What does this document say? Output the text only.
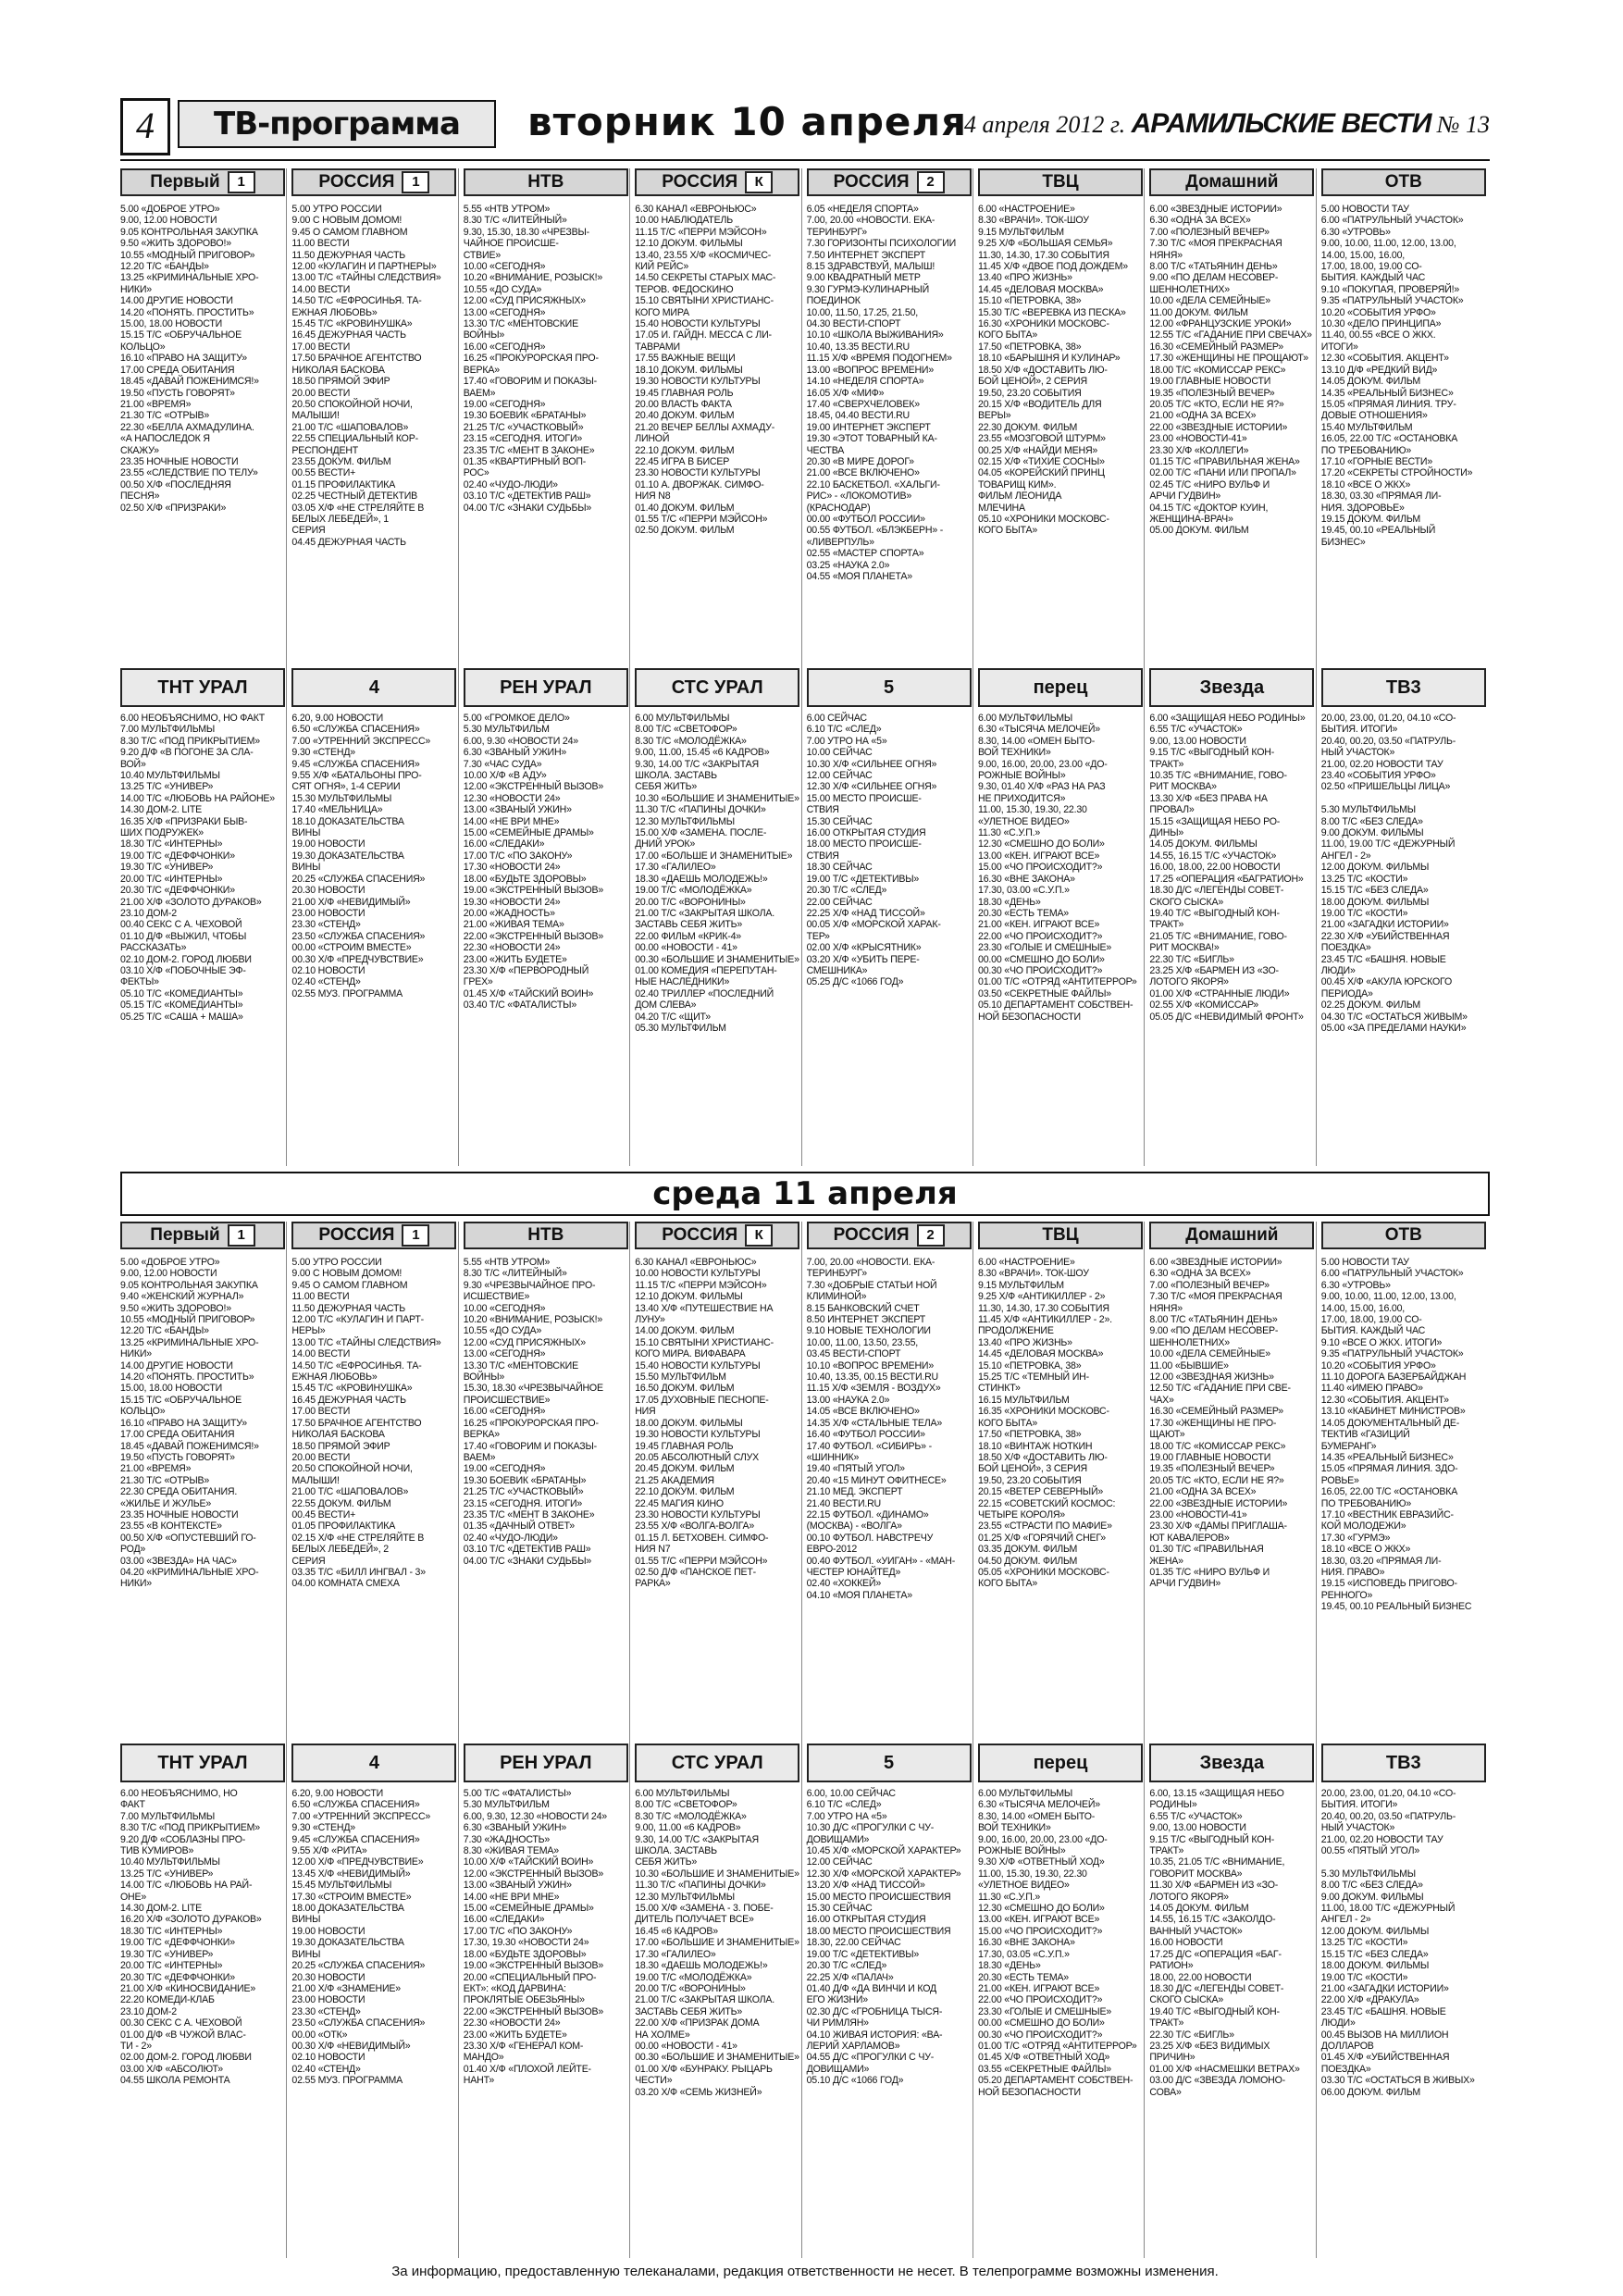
4	ТВ-программа	вторник 10 апреля
4 апреля 2012 г. АРАМИЛЬСКИЕ ВЕСТИ № 13
Первый	1
5.00 «ДОБРОЕ УТРО»
9.00, 12.00 НОВОСТИ
9.05 КОНТРОЛЬНАЯ ЗАКУПКА
9.50 «ЖИТЬ ЗДОРОВО!»
10.55 «МОДНЫЙ ПРИГОВОР»
12.20 Т/С «БАНДЫ»
13.25 «КРИМИНАЛЬНЫЕ ХРО-
НИКИ»
14.00 ДРУГИЕ НОВОСТИ
14.20 «ПОНЯТЬ. ПРОСТИТЬ»
15.00, 18.00 НОВОСТИ
15.15 Т/С «ОБРУЧАЛЬНОЕ
КОЛЬЦО»
16.10 «ПРАВО НА ЗАЩИТУ»
17.00 СРЕДА ОБИТАНИЯ
18.45 «ДАВАЙ ПОЖЕНИМСЯ!»
19.50 «ПУСТЬ ГОВОРЯТ»
21.00 «ВРЕМЯ»
21.30 Т/С «ОТРЫВ»
22.30 «БЕЛЛА АХМАДУЛИНА.
«А НАПОСЛЕДОК Я
СКАЖУ»
23.35 НОЧНЫЕ НОВОСТИ
23.55 «СЛЕДСТВИЕ ПО ТЕЛУ»
00.50 Х/Ф «ПОСЛЕДНЯЯ
ПЕСНЯ»
02.50 Х/Ф «ПРИЗРАКИ»
ТНТ УРАЛ
6.00 НЕОБЪЯСНИМО, НО ФАКТ
7.00 МУЛЬТФИЛЬМЫ
8.30 Т/С «ПОД ПРИКРЫТИЕМ»
9.20 Д/Ф «В ПОГОНЕ ЗА СЛА-
ВОЙ»
10.40 МУЛЬТФИЛЬМЫ
13.25 Т/С «УНИВЕР»
14.00 Т/С «ЛЮБОВЬ НА РАЙОНЕ»
14.30 ДОМ-2. LITE
16.35 Х/Ф «ПРИЗРАКИ БЫВ-
ШИХ ПОДРУЖЕК»
18.30 Т/С «ИНТЕРНЫ»
19.00 Т/С «ДЕФФЧОНКИ»
19.30 Т/С «УНИВЕР»
20.00 Т/С «ИНТЕРНЫ»
20.30 Т/С «ДЕФФЧОНКИ»
21.00 Х/Ф «ЗОЛОТО ДУРАКОВ»
23.10 ДОМ-2
00.40 СЕКС С А. ЧЕХОВОЙ
01.10 Д/Ф «ВЫЖИЛ, ЧТОБЫ
РАССКАЗАТЬ»
02.10 ДОМ-2. ГОРОД ЛЮБВИ
03.10 Х/Ф «ПОБОЧНЫЕ ЭФ-
ФЕКТЫ»
05.10 Т/С «КОМЕДИАНТЫ»
05.15 Т/С «КОМЕДИАНТЫ»
05.25 Т/С «САША + МАША»
РОССИЯ	1
5.00 УТРО РОССИИ
9.00 С НОВЫМ ДОМОМ!
9.45 О САМОМ ГЛАВНОМ
11.00 ВЕСТИ
11.50 ДЕЖУРНАЯ ЧАСТЬ
12.00 «КУЛАГИН И ПАРТНЕРЫ»
13.00 Т/С «ТАЙНЫ СЛЕДСТВИЯ»
14.00 ВЕСТИ
14.50 Т/С «ЕФРОСИНЬЯ. ТА-
ЕЖНАЯ ЛЮБОВЬ»
15.45 Т/С «КРОВИНУШКА»
16.45 ДЕЖУРНАЯ ЧАСТЬ
17.00 ВЕСТИ
17.50 БРАЧНОЕ АГЕНТСТВО
НИКОЛАЯ БАСКОВА
18.50 ПРЯМОЙ ЭФИР
20.00 ВЕСТИ
20.50 СПОКОЙНОЙ НОЧИ,
МАЛЫШИ!
21.00 Т/С «ШАПОВАЛОВ»
22.55 СПЕЦИАЛЬНЫЙ КОР-
РЕСПОНДЕНТ
23.55 ДОКУМ. ФИЛЬМ
00.55 ВЕСТИ+
01.15 ПРОФИЛАКТИКА
02.25 ЧЕСТНЫЙ ДЕТЕКТИВ
03.05 Х/Ф «НЕ СТРЕЛЯЙТЕ В
БЕЛЫХ ЛЕБЕДЕЙ», 1
СЕРИЯ
04.45 ДЕЖУРНАЯ ЧАСТЬ
4
6.20, 9.00 НОВОСТИ
6.50 «СЛУЖБА СПАСЕНИЯ»
7.00 «УТРЕННИЙ ЭКСПРЕСС»
9.30 «СТЕНД»
9.45 «СЛУЖБА СПАСЕНИЯ»
9.55 Х/Ф «БАТАЛЬОНЫ ПРО-
СЯТ ОГНЯ», 1-4 СЕРИИ
15.30 МУЛЬТФИЛЬМЫ
17.40 «МЕЛЬНИЦА»
18.10 ДОКАЗАТЕЛЬСТВА
ВИНЫ
19.00 НОВОСТИ
19.30 ДОКАЗАТЕЛЬСТВА
ВИНЫ
20.25 «СЛУЖБА СПАСЕНИЯ»
20.30 НОВОСТИ
21.00 Х/Ф «НЕВИДИМЫЙ»
23.00 НОВОСТИ
23.30 «СТЕНД»
23.50 «СЛУЖБА СПАСЕНИЯ»
00.00 «СТРОИМ ВМЕСТЕ»
00.30 Х/Ф «ПРЕДЧУВСТВИЕ»
02.10 НОВОСТИ
02.40 «СТЕНД»
02.55 МУЗ. ПРОГРАММА
НТВ
5.55 «НТВ УТРОМ»
8.30 Т/С «ЛИТЕЙНЫЙ»
9.30, 15.30, 18.30 «ЧРЕЗВЫ-
ЧАЙНОЕ ПРОИСШЕ-
СТВИЕ»
10.00 «СЕГОДНЯ»
10.20 «ВНИМАНИЕ, РОЗЫСК!»
10.55 «ДО СУДА»
12.00 «СУД ПРИСЯЖНЫХ»
13.00 «СЕГОДНЯ»
13.30 Т/С «МЕНТОВСКИЕ
ВОЙНЫ»
16.00 «СЕГОДНЯ»
16.25 «ПРОКУРОРСКАЯ ПРО-
ВЕРКА»
17.40 «ГОВОРИМ И ПОКАЗЫ-
ВАЕМ»
19.00 «СЕГОДНЯ»
19.30 БОЕВИК «БРАТАНЫ»
21.25 Т/С «УЧАСТКОВЫЙ»
23.15 «СЕГОДНЯ. ИТОГИ»
23.35 Т/С «МЕНТ В ЗАКОНЕ»
01.35 «КВАРТИРНЫЙ ВОП-
РОС»
02.40 «ЧУДО-ЛЮДИ»
03.10 Т/С «ДЕТЕКТИВ РАШ»
04.00 Т/С «ЗНАКИ СУДЬБЫ»
РЕН УРАЛ
5.00 «ГРОМКОЕ ДЕЛО»
5.30 МУЛЬТФИЛЬМ
6.00, 9.30 «НОВОСТИ 24»
6.30 «ЗВАНЫЙ УЖИН»
7.30 «ЧАС СУДА»
10.00 Х/Ф «В АДУ»
12.00 «ЭКСТРЕННЫЙ ВЫЗОВ»
12.30 «НОВОСТИ 24»
13.00 «ЗВАНЫЙ УЖИН»
14.00 «НЕ ВРИ МНЕ»
15.00 «СЕМЕЙНЫЕ ДРАМЫ»
16.00 «СЛЕДАКИ»
17.00 Т/С «ПО ЗАКОНУ»
17.30 «НОВОСТИ 24»
18.00 «БУДЬТЕ ЗДОРОВЫ»
19.00 «ЭКСТРЕННЫЙ ВЫЗОВ»
19.30 «НОВОСТИ 24»
20.00 «ЖАДНОСТЬ»
21.00 «ЖИВАЯ ТЕМА»
22.00 «ЭКСТРЕННЫЙ ВЫЗОВ»
22.30 «НОВОСТИ 24»
23.00 «ЖИТЬ БУДЕТЕ»
23.30 Х/Ф «ПЕРВОРОДНЫЙ
ГРЕХ»
01.45 Х/Ф «ТАЙСКИЙ ВОИН»
03.40 Т/С «ФАТАЛИСТЫ»
РОССИЯ	К
6.30 КАНАЛ «ЕВРОНЬЮС»
10.00 НАБЛЮДАТЕЛЬ
11.15 Т/С «ПЕРРИ МЭЙСОН»
12.10 ДОКУМ. ФИЛЬМЫ
13.40, 23.55 Х/Ф «КОСМИЧЕС-
КИЙ РЕЙС»
14.50 СЕКРЕТЫ СТАРЫХ МАС-
ТЕРОВ. ФЕДОСКИНО
15.10 СВЯТЫНИ ХРИСТИАНС-
КОГО МИРА
15.40 НОВОСТИ КУЛЬТУРЫ
17.05 И. ГАЙДН. МЕССА С ЛИ-
ТАВРАМИ
17.55 ВАЖНЫЕ ВЕЩИ
18.10 ДОКУМ. ФИЛЬМЫ
19.30 НОВОСТИ КУЛЬТУРЫ
19.45 ГЛАВНАЯ РОЛЬ
20.00 ВЛАСТЬ ФАКТА
20.40 ДОКУМ. ФИЛЬМ
21.20 ВЕЧЕР БЕЛЛЫ АХМАДУ-
ЛИНОЙ
22.10 ДОКУМ. ФИЛЬМ
22.45 ИГРА В БИСЕР
23.30 НОВОСТИ КУЛЬТУРЫ
01.10 А. ДВОРЖАК. СИМФО-
НИЯ N8
01.40 ДОКУМ. ФИЛЬМ
01.55 Т/С «ПЕРРИ МЭЙСОН»
02.50 ДОКУМ. ФИЛЬМ
СТС УРАЛ
6.00 МУЛЬТФИЛЬМЫ
8.00 Т/С «СВЕТОФОР»
8.30 Т/С «МОЛОДЁЖКА»
9.00, 11.00, 15.45 «6 КАДРОВ»
9.30, 14.00 Т/С «ЗАКРЫТАЯ
ШКОЛА. ЗАСТАВЬ
СЕБЯ ЖИТЬ»
10.30 «БОЛЬШИЕ И ЗНАМЕНИТЫЕ»
11.30 Т/С «ПАПИНЫ ДОЧКИ»
12.30 МУЛЬТФИЛЬМЫ
15.00 Х/Ф «ЗАМЕНА. ПОСЛЕ-
ДНИЙ УРОК»
17.00 «БОЛЬШЕ И ЗНАМЕНИТЫЕ»
17.30 «ГАЛИЛЕО»
18.30 «ДАЕШЬ МОЛОДЕЖЬ!»
19.00 Т/С «МОЛОДЁЖКА»
20.00 Т/С «ВОРОНИНЫ»
21.00 Т/С «ЗАКРЫТАЯ ШКОЛА.
ЗАСТАВЬ СЕБЯ ЖИТЬ»
22.00 ФИЛЬМ «КРИК-4»
00.00 «НОВОСТИ - 41»
00.30 «БОЛЬШИЕ И ЗНАМЕНИТЫЕ»
01.00 КОМЕДИЯ «ПЕРЕПУТАН-
НЫЕ НАСЛЕДНИКИ»
02.40 ТРИЛЛЕР «ПОСЛЕДНИЙ
ДОМ СЛЕВА»
04.20 Т/С «ЩИТ»
05.30 МУЛЬТФИЛЬМ
РОССИЯ	2
6.05 «НЕДЕЛЯ СПОРТА»
7.00, 20.00 «НОВОСТИ. ЕКА-
ТЕРИНБУРГ»
7.30 ГОРИЗОНТЫ ПСИХОЛОГИИ
7.50 ИНТЕРНЕТ ЭКСПЕРТ
8.15 ЗДРАВСТВУЙ, МАЛЫШ!
9.00 КВАДРАТНЫЙ МЕТР
9.30 ГУРМЭ-КУЛИНАРНЫЙ
ПОЕДИНОК
10.00, 11.50, 17.25, 21.50,
04.30 ВЕСТИ-СПОРТ
10.10 «ШКОЛА ВЫЖИВАНИЯ»
10.40, 13.35 ВЕСТИ.RU
11.15 Х/Ф «ВРЕМЯ ПОДОГНЕМ»
13.00 «ВОПРОС ВРЕМЕНИ»
14.10 «НЕДЕЛЯ СПОРТА»
16.05 Х/Ф «МИФ»
17.40 «СВЕРХЧЕЛОВЕК»
18.45, 04.40 ВЕСТИ.RU
19.00 ИНТЕРНЕТ ЭКСПЕРТ
19.30 «ЭТОТ ТОВАРНЫЙ КА-
ЧЕСТВА
20.30 «В МИРЕ ДОРОГ»
21.00 «ВСЕ ВКЛЮЧЕНО»
22.10 БАСКЕТБОЛ. «ХАЛЬГИ-
РИС» - «ЛОКОМОТИВ»
(КРАСНОДАР)
00.00 «ФУТБОЛ РОССИИ»
00.55 ФУТБОЛ. «БЛЭКБЕРН» -
«ЛИВЕРПУЛЬ»
02.55 «МАСТЕР СПОРТА»
03.25 «НАУКА 2.0»
04.55 «МОЯ ПЛАНЕТА»
5
6.00 СЕЙЧАС
6.10 Т/С «СЛЕД»
7.00 УТРО НА «5»
10.00 СЕЙЧАС
10.30 Х/Ф «СИЛЬНЕЕ ОГНЯ»
12.00 СЕЙЧАС
12.30 Х/Ф «СИЛЬНЕЕ ОГНЯ»
15.00 МЕСТО ПРОИСШЕ-
СТВИЯ
15.30 СЕЙЧАС
16.00 ОТКРЫТАЯ СТУДИЯ
18.00 МЕСТО ПРОИСШЕ-
СТВИЯ
18.30 СЕЙЧАС
19.00 Т/С «ДЕТЕКТИВЫ»
20.30 Т/С «СЛЕД»
22.00 СЕЙЧАС
22.25 Х/Ф «НАД ТИССОЙ»
00.05 Х/Ф «МОРСКОЙ ХАРАК-
ТЕР»
02.00 Х/Ф «КРЫСЯТНИК»
03.20 Х/Ф «УБИТЬ ПЕРЕ-
СМЕШНИКА»
05.25 Д/С «1066 ГОД»
ТВЦ
6.00 «НАСТРОЕНИЕ»
8.30 «ВРАЧИ». ТОК-ШОУ
9.15 МУЛЬТФИЛЬМ
9.25 Х/Ф «БОЛЬШАЯ СЕМЬЯ»
11.30, 14.30, 17.30 СОБЫТИЯ
11.45 Х/Ф «ДВОЕ ПОД ДОЖДЕМ»
13.40 «ПРО ЖИЗНЬ»
14.45 «ДЕЛОВАЯ МОСКВА»
15.10 «ПЕТРОВКА, 38»
15.30 Т/С «ВЕРЕВКА ИЗ ПЕСКА»
16.30 «ХРОНИКИ МОСКОВС-
КОГО БЫТА»
17.50 «ПЕТРОВКА, 38»
18.10 «БАРЫШНЯ И КУЛИНАР»
18.50 Х/Ф «ДОСТАВИТЬ ЛЮ-
БОЙ ЦЕНОЙ», 2 СЕРИЯ
19.50, 23.20 СОБЫТИЯ
20.15 Х/Ф «ВОДИТЕЛЬ ДЛЯ
ВЕРЫ»
22.30 ДОКУМ. ФИЛЬМ
23.55 «МОЗГОВОЙ ШТУРМ»
00.25 Х/Ф «НАЙДИ МЕНЯ»
02.15 Х/Ф «ТИХИЕ СОСНЫ»
04.05 «КОРЕЙСКИЙ ПРИНЦ
ТОВАРИЩ КИМ».
ФИЛЬМ ЛЕОНИДА
МЛЕЧИНА
05.10 «ХРОНИКИ МОСКОВС-
КОГО БЫТА»
перец
6.00 МУЛЬТФИЛЬМЫ
6.30 «ТЫСЯЧА МЕЛОЧЕЙ»
8.30, 14.00 «ОМЕН БЫТО-
ВОЙ ТЕХНИКИ»
9.00, 16.00, 20.00, 23.00 «ДО-
РОЖНЫЕ ВОЙНЫ»
9.30, 01.40 Х/Ф «РАЗ НА РАЗ
НЕ ПРИХОДИТСЯ»
11.00, 15.30, 19.30, 22.30
«УЛЕТНОЕ ВИДЕО»
11.30 «С.У.П.»
12.30 «СМЕШНО ДО БОЛИ»
13.00 «КЕН. ИГРАЮТ ВСЕ»
15.00 «ЧО ПРОИСХОДИТ?»
16.30 «ВНЕ ЗАКОНА»
17.30, 03.00 «С.У.П.»
18.30 «ДЕНЬ»
20.30 «ЕСТЬ ТЕМА»
21.00 «КЕН. ИГРАЮТ ВСЕ»
22.00 «ЧО ПРОИСХОДИТ?»
23.30 «ГОЛЫЕ И СМЕШНЫЕ»
00.00 «СМЕШНО ДО БОЛИ»
00.30 «ЧО ПРОИСХОДИТ?»
01.00 Т/С «ОТРЯД «АНТИТЕРРОР»
03.50 «СЕКРЕТНЫЕ ФАЙЛЫ»
05.10 ДЕПАРТАМЕНТ СОБСТВЕН-
НОЙ БЕЗОПАСНОСТИ
Домашний
6.00 «ЗВЕЗДНЫЕ ИСТОРИИ»
6.30 «ОДНА ЗА ВСЕХ»
7.00 «ПОЛЕЗНЫЙ ВЕЧЕР»
7.30 Т/С «МОЯ ПРЕКРАСНАЯ
НЯНЯ»
8.00 Т/С «ТАТЬЯНИН ДЕНЬ»
9.00 «ПО ДЕЛАМ НЕСОВЕР-
ШЕННОЛЕТНИХ»
10.00 «ДЕЛА СЕМЕЙНЫЕ»
11.00 ДОКУМ. ФИЛЬМ
12.00 «ФРАНЦУЗСКИЕ УРОКИ»
12.55 Т/С «ГАДАНИЕ ПРИ СВЕЧАХ»
16.30 «СЕМЕЙНЫЙ РАЗМЕР»
17.30 «ЖЕНЩИНЫ НЕ ПРОЩАЮТ»
18.00 Т/С «КОМИССАР РЕКС»
19.00 ГЛАВНЫЕ НОВОСТИ
19.35 «ПОЛЕЗНЫЙ ВЕЧЕР»
20.05 Т/С «КТО, ЕСЛИ НЕ Я?»
21.00 «ОДНА ЗА ВСЕХ»
22.00 «ЗВЕЗДНЫЕ ИСТОРИИ»
23.00 «НОВОСТИ-41»
23.30 Х/Ф «КОЛЛЕГИ»
01.15 Т/С «ПРАВИЛЬНАЯ ЖЕНА»
02.00 Т/С «ПАНИ ИЛИ ПРОПАЛ»
02.45 Т/С «НИРО ВУЛЬФ И
АРЧИ ГУДВИН»
04.15 Т/С «ДОКТОР КУИН,
ЖЕНЩИНА-ВРАЧ»
05.00 ДОКУМ. ФИЛЬМ
Звезда
6.00 «ЗАЩИЩАЯ НЕБО РОДИНЫ»
6.55 Т/С «УЧАСТОК»
9.00, 13.00 НОВОСТИ
9.15 Т/С «ВЫГОДНЫЙ КОН-
ТРАКТ»
10.35 Т/С «ВНИМАНИЕ, ГОВО-
РИТ МОСКВА»
13.30 Х/Ф «БЕЗ ПРАВА НА
ПРОВАЛ»
15.15 «ЗАЩИЩАЯ НЕБО РО-
ДИНЫ»
14.05 ДОКУМ. ФИЛЬМЫ
14.55, 16.15 Т/С «УЧАСТОК»
16.00, 18.00, 22.00 НОВОСТИ
17.25 «ОПЕРАЦИЯ «БАГРАТИОН»
18.30 Д/С «ЛЕГЕНДЫ СОВЕТ-
СКОГО СЫСКА»
19.40 Т/С «ВЫГОДНЫЙ КОН-
ТРАКТ»
21.05 Т/С «ВНИМАНИЕ, ГОВО-
РИТ МОСКВА!»
22.30 Т/С «БИГЛЬ»
23.25 Х/Ф «БАРМЕН ИЗ «ЗО-
ЛОТОГО ЯКОРЯ»
01.00 Х/Ф «СТРАННЫЕ ЛЮДИ»
02.55 Х/Ф «КОМИССАР»
05.05 Д/С «НЕВИДИМЫЙ ФРОНТ»
ОТВ
5.00 НОВОСТИ ТАУ
6.00 «ПАТРУЛЬНЫЙ УЧАСТОК»
6.30 «УТРОВЬ»
9.00, 10.00, 11.00, 12.00, 13.00,
14.00, 15.00, 16.00,
17.00, 18.00, 19.00 СО-
БЫТИЯ. КАЖДЫЙ ЧАС
9.10 «ПОКУПАЯ, ПРОВЕРЯЙ!»
9.35 «ПАТРУЛЬНЫЙ УЧАСТОК»
10.20 «СОБЫТИЯ УРФО»
10.30 «ДЕЛО ПРИНЦИПА»
11.40, 00.55 «ВСЕ О ЖКХ.
ИТОГИ»
12.30 «СОБЫТИЯ. АКЦЕНТ»
13.10 Д/Ф «РЕДКИЙ ВИД»
14.05 ДОКУМ. ФИЛЬМ
14.35 «РЕАЛЬНЫЙ БИЗНЕС»
15.05 «ПРЯМАЯ ЛИНИЯ. ТРУ-
ДОВЫЕ ОТНОШЕНИЯ»
15.40 МУЛЬТФИЛЬМ
16.05, 22.00 Т/С «ОСТАНОВКА
ПО ТРЕБОВАНИЮ»
17.10 «ГОРНЫЕ ВЕСТИ»
17.20 «СЕКРЕТЫ СТРОЙНОСТИ»
18.10 «ВСЕ О ЖКХ»
18.30, 03.30 «ПРЯМАЯ ЛИ-
НИЯ. ЗДОРОВЬЕ»
19.15 ДОКУМ. ФИЛЬМ
19.45, 00.10 «РЕАЛЬНЫЙ
БИЗНЕС»
ТВ3
20.00, 23.00, 01.20, 04.10 «СО-
БЫТИЯ. ИТОГИ»
20.40, 00.20, 03.50 «ПАТРУЛЬ-
НЫЙ УЧАСТОК»
21.00, 02.20 НОВОСТИ ТАУ
23.40 «СОБЫТИЯ УРФО»
02.50 «ПРИШЕЛЬЦЫ ЛИЦА»

5.30 МУЛЬТФИЛЬМЫ
8.00 Т/С «БЕЗ СЛЕДА»
9.00 ДОКУМ. ФИЛЬМЫ
11.00, 19.00 Т/С «ДЕЖУРНЫЙ
АНГЕЛ - 2»
12.00 ДОКУМ. ФИЛЬМЫ
13.25 Т/С «КОСТИ»
15.15 Т/С «БЕЗ СЛЕДА»
18.00 ДОКУМ. ФИЛЬМЫ
19.00 Т/С «КОСТИ»
21.00 «ЗАГАДКИ ИСТОРИИ»
22.30 Х/Ф «УБИЙСТВЕННАЯ
ПОЕЗДКА»
23.45 Т/С «БАШНЯ. НОВЫЕ
ЛЮДИ»
00.45 Х/Ф «АКУЛА ЮРСКОГО
ПЕРИОДА»
02.25 ДОКУМ. ФИЛЬМ
04.30 Т/С «ОСТАТЬСЯ ЖИВЫМ»
05.00 «ЗА ПРЕДЕЛАМИ НАУКИ»
среда 11 апреля
Первый	1
5.00 «ДОБРОЕ УТРО»
9.00, 12.00 НОВОСТИ
9.05 КОНТРОЛЬНАЯ ЗАКУПКА
9.40 «ЖЕНСКИЙ ЖУРНАЛ»
9.50 «ЖИТЬ ЗДОРОВО!»
10.55 «МОДНЫЙ ПРИГОВОР»
12.20 Т/С «БАНДЫ»
13.25 «КРИМИНАЛЬНЫЕ ХРО-
НИКИ»
14.00 ДРУГИЕ НОВОСТИ
14.20 «ПОНЯТЬ. ПРОСТИТЬ»
15.00, 18.00 НОВОСТИ
15.15 Т/С «ОБРУЧАЛЬНОЕ
КОЛЬЦО»
16.10 «ПРАВО НА ЗАЩИТУ»
17.00 СРЕДА ОБИТАНИЯ
18.45 «ДАВАЙ ПОЖЕНИМСЯ!»
19.50 «ПУСТЬ ГОВОРЯТ»
21.00 «ВРЕМЯ»
21.30 Т/С «ОТРЫВ»
22.30 СРЕДА ОБИТАНИЯ.
«ЖИЛЬЕ И ЖУЛЬЕ»
23.35 НОЧНЫЕ НОВОСТИ
23.55 «В КОНТЕКСТЕ»
00.50 Х/Ф «ОПУСТЕВШИЙ ГО-
РОД»
03.00 «ЗВЕЗДА» НА ЧАС»
04.20 «КРИМИНАЛЬНЫЕ ХРО-
НИКИ»
ТНТ УРАЛ
6.00 НЕОБЪЯСНИМО, НО
ФАКТ
7.00 МУЛЬТФИЛЬМЫ
8.30 Т/С «ПОД ПРИКРЫТИЕМ»
9.20 Д/Ф «СОБЛАЗНЫ ПРО-
ТИВ КУМИРОВ»
10.40 МУЛЬТФИЛЬМЫ
13.25 Т/С «УНИВЕР»
14.00 Т/С «ЛЮБОВЬ НА РАЙ-
ОНЕ»
14.30 ДОМ-2. LITE
16.20 Х/Ф «ЗОЛОТО ДУРАКОВ»
18.30 Т/С «ИНТЕРНЫ»
19.00 Т/С «ДЕФФЧОНКИ»
19.30 Т/С «УНИВЕР»
20.00 Т/С «ИНТЕРНЫ»
20.30 Т/С «ДЕФФЧОНКИ»
21.00 Х/Ф «КИНОСВИДАНИЕ»
22.20 КОМЕДИ-КЛАБ
23.10 ДОМ-2
00.30 СЕКС С А. ЧЕХОВОЙ
01.00 Д/Ф «В ЧУЖОЙ ВЛАС-
ТИ - 2»
02.00 ДОМ-2. ГОРОД ЛЮБВИ
03.00 Х/Ф «АБСОЛЮТ»
04.55 ШКОЛА РЕМОНТА
РОССИЯ	1
5.00 УТРО РОССИИ
9.00 С НОВЫМ ДОМОМ!
9.45 О САМОМ ГЛАВНОМ
11.00 ВЕСТИ
11.50 ДЕЖУРНАЯ ЧАСТЬ
12.00 Т/С «КУЛАГИН И ПАРТ-
НЕРЫ»
13.00 Т/С «ТАЙНЫ СЛЕДСТВИЯ»
14.00 ВЕСТИ
14.50 Т/С «ЕФРОСИНЬЯ. ТА-
ЕЖНАЯ ЛЮБОВЬ»
15.45 Т/С «КРОВИНУШКА»
16.45 ДЕЖУРНАЯ ЧАСТЬ
17.00 ВЕСТИ
17.50 БРАЧНОЕ АГЕНТСТВО
НИКОЛАЯ БАСКОВА
18.50 ПРЯМОЙ ЭФИР
20.00 ВЕСТИ
20.50 СПОКОЙНОЙ НОЧИ,
МАЛЫШИ!
21.00 Т/С «ШАПОВАЛОВ»
22.55 ДОКУМ. ФИЛЬМ
00.45 ВЕСТИ+
01.05 ПРОФИЛАКТИКА
02.15 Х/Ф «НЕ СТРЕЛЯЙТЕ В
БЕЛЫХ ЛЕБЕДЕЙ», 2
СЕРИЯ
03.35 Т/С «БИЛЛ ИНГВАЛ - 3»
04.00 КОМНАТА СМЕХА
4
6.20, 9.00 НОВОСТИ
6.50 «СЛУЖБА СПАСЕНИЯ»
7.00 «УТРЕННИЙ ЭКСПРЕСС»
9.30 «СТЕНД»
9.45 «СЛУЖБА СПАСЕНИЯ»
9.55 Х/Ф «РИТА»
12.00 Х/Ф «ПРЕДЧУВСТВИЕ»
13.45 Х/Ф «НЕВИДИМЫЙ»
15.45 МУЛЬТФИЛЬМЫ
17.30 «СТРОИМ ВМЕСТЕ»
18.00 ДОКАЗАТЕЛЬСТВА
ВИНЫ
19.00 НОВОСТИ
19.30 ДОКАЗАТЕЛЬСТВА
ВИНЫ
20.25 «СЛУЖБА СПАСЕНИЯ»
20.30 НОВОСТИ
21.00 Х/Ф «ЗНАМЕНИЕ»
23.00 НОВОСТИ
23.30 «СТЕНД»
23.50 «СЛУЖБА СПАСЕНИЯ»
00.00 «ОТК»
00.30 Х/Ф «НЕВИДИМЫЙ»
02.10 НОВОСТИ
02.40 «СТЕНД»
02.55 МУЗ. ПРОГРАММА
НТВ
5.55 «НТВ УТРОМ»
8.30 Т/С «ЛИТЕЙНЫЙ»
9.30 «ЧРЕЗВЫЧАЙНОЕ ПРО-
ИСШЕСТВИЕ»
10.00 «СЕГОДНЯ»
10.20 «ВНИМАНИЕ, РОЗЫСК!»
10.55 «ДО СУДА»
12.00 «СУД ПРИСЯЖНЫХ»
13.00 «СЕГОДНЯ»
13.30 Т/С «МЕНТОВСКИЕ
ВОЙНЫ»
15.30, 18.30 «ЧРЕЗВЫЧАЙНОЕ
ПРОИСШЕСТВИЕ»
16.00 «СЕГОДНЯ»
16.25 «ПРОКУРОРСКАЯ ПРО-
ВЕРКА»
17.40 «ГОВОРИМ И ПОКАЗЫ-
ВАЕМ»
19.00 «СЕГОДНЯ»
19.30 БОЕВИК «БРАТАНЫ»
21.25 Т/С «УЧАСТКОВЫЙ»
23.15 «СЕГОДНЯ. ИТОГИ»
23.35 Т/С «МЕНТ В ЗАКОНЕ»
01.35 «ДАЧНЫЙ ОТВЕТ»
02.40 «ЧУДО-ЛЮДИ»
03.10 Т/С «ДЕТЕКТИВ РАШ»
04.00 Т/С «ЗНАКИ СУДЬБЫ»
РЕН УРАЛ
5.00 Т/С «ФАТАЛИСТЫ»
5.30 МУЛЬТФИЛЬМ
6.00, 9.30, 12.30 «НОВОСТИ 24»
6.30 «ЗВАНЫЙ УЖИН»
7.30 «ЖАДНОСТЬ»
8.30 «ЖИВАЯ ТЕМА»
10.00 Х/Ф «ТАЙСКИЙ ВОИН»
12.00 «ЭКСТРЕННЫЙ ВЫЗОВ»
13.00 «ЗВАНЫЙ УЖИН»
14.00 «НЕ ВРИ МНЕ»
15.00 «СЕМЕЙНЫЕ ДРАМЫ»
16.00 «СЛЕДАКИ»
17.00 Т/С «ПО ЗАКОНУ»
17.30, 19.30 «НОВОСТИ 24»
18.00 «БУДЬТЕ ЗДОРОВЫ»
19.00 «ЭКСТРЕННЫЙ ВЫЗОВ»
20.00 «СПЕЦИАЛЬНЫЙ ПРО-
ЕКТ»: «КОД ДАРВИНА:
ПРОКЛЯТЫЕ ОБЕЗЬЯНЫ»
22.00 «ЭКСТРЕННЫЙ ВЫЗОВ»
22.30 «НОВОСТИ 24»
23.00 «ЖИТЬ БУДЕТЕ»
23.30 Х/Ф «ГЕНЕРАЛ КОМ-
МАНДО»
01.40 Х/Ф «ПЛОХОЙ ЛЕЙТЕ-
НАНТ»
РОССИЯ	К
6.30 КАНАЛ «ЕВРОНЬЮС»
10.00 НОВОСТИ КУЛЬТУРЫ
11.15 Т/С «ПЕРРИ МЭЙСОН»
12.10 ДОКУМ. ФИЛЬМЫ
13.40 Х/Ф «ПУТЕШЕСТВИЕ НА
ЛУНУ»
14.00 ДОКУМ. ФИЛЬМ
15.10 СВЯТЫНИ ХРИСТИАНС-
КОГО МИРА. ВИФАВАРА
15.40 НОВОСТИ КУЛЬТУРЫ
15.50 МУЛЬТФИЛЬМ
16.50 ДОКУМ. ФИЛЬМ
17.05 ДУХОВНЫЕ ПЕСНОПЕ-
НИЯ
18.00 ДОКУМ. ФИЛЬМЫ
19.30 НОВОСТИ КУЛЬТУРЫ
19.45 ГЛАВНАЯ РОЛЬ
20.05 АБСОЛЮТНЫЙ СЛУХ
20.45 ДОКУМ. ФИЛЬМ
21.25 АКАДЕМИЯ
22.10 ДОКУМ. ФИЛЬМ
22.45 МАГИЯ КИНО
23.30 НОВОСТИ КУЛЬТУРЫ
23.55 Х/Ф «ВОЛГА-ВОЛГА»
01.15 Л. БЕТХОВЕН. СИМФО-
НИЯ N7
01.55 Т/С «ПЕРРИ МЭЙСОН»
02.50 Д/Ф «ПАНСКОЕ ПЕТ-
РАРКА»
СТС УРАЛ
6.00 МУЛЬТФИЛЬМЫ
8.00 Т/С «СВЕТОФОР»
8.30 Т/С «МОЛОДЁЖКА»
9.00, 11.00 «6 КАДРОВ»
9.30, 14.00 Т/С «ЗАКРЫТАЯ
ШКОЛА. ЗАСТАВЬ
СЕБЯ ЖИТЬ»
10.30 «БОЛЬШИЕ И ЗНАМЕНИТЫЕ»
11.30 Т/С «ПАПИНЫ ДОЧКИ»
12.30 МУЛЬТФИЛЬМЫ
15.00 Х/Ф «ЗАМЕНА - 3. ПОБЕ-
ДИТЕЛЬ ПОЛУЧАЕТ ВСЕ»
16.45 «6 КАДРОВ»
17.00 «БОЛЬШИЕ И ЗНАМЕНИТЫЕ»
17.30 «ГАЛИЛЕО»
18.30 «ДАЕШЬ МОЛОДЕЖЬ!»
19.00 Т/С «МОЛОДЁЖКА»
20.00 Т/С «ВОРОНИНЫ»
21.00 Т/С «ЗАКРЫТАЯ ШКОЛА.
ЗАСТАВЬ СЕБЯ ЖИТЬ»
22.00 Х/Ф «ПРИЗРАК ДОМА
НА ХОЛМЕ»
00.00 «НОВОСТИ - 41»
00.30 «БОЛЬШИЕ И ЗНАМЕНИТЫЕ»
01.00 Х/Ф «БУНРАКУ. РЫЦАРЬ
ЧЕСТИ»
03.20 Х/Ф «СЕМЬ ЖИЗНЕЙ»
РОССИЯ	2
7.00, 20.00 «НОВОСТИ. ЕКА-
ТЕРИНБУРГ»
7.30 «ДОБРЫЕ СТАТЬИ НОЙ
КЛИМИНОЙ»
8.15 БАНКОВСКИЙ СЧЕТ
8.50 ИНТЕРНЕТ ЭКСПЕРТ
9.10 НОВЫЕ ТЕХНОЛОГИИ
10.00, 11.00, 13.50, 23.55,
03.45 ВЕСТИ-СПОРТ
10.10 «ВОПРОС ВРЕМЕНИ»
10.40, 13.35, 00.15 ВЕСТИ.RU
11.15 Х/Ф «ЗЕМЛЯ - ВОЗДУХ»
13.00 «НАУКА 2.0»
14.05 «ВСЕ ВКЛЮЧЕНО»
14.35 Х/Ф «СТАЛЬНЫЕ ТЕЛА»
16.40 «ФУТБОЛ РОССИИ»
17.40 ФУТБОЛ. «СИБИРЬ» -
«ШИННИК»
19.40 «ПЯТЫЙ УГОЛ»
20.40 «15 МИНУТ ОФИТНЕСЕ»
21.10 МЕД. ЭКСПЕРТ
21.40 ВЕСТИ.RU
22.15 ФУТБОЛ. «ДИНАМО»
(МОСКВА) - «ВОЛГА»
00.10 ФУТБОЛ. НАВСТРЕЧУ
ЕВРО-2012
00.40 ФУТБОЛ. «УИГАН» - «МАН-
ЧЕСТЕР ЮНАЙТЕД»
02.40 «ХОККЕЙ»
04.10 «МОЯ ПЛАНЕТА»
5
6.00, 10.00 СЕЙЧАС
6.10 Т/С «СЛЕД»
7.00 УТРО НА «5»
10.30 Д/С «ПРОГУЛКИ С ЧУ-
ДОВИЩАМИ»
10.45 Х/Ф «МОРСКОЙ ХАРАКТЕР»
12.00 СЕЙЧАС
12.30 Х/Ф «МОРСКОЙ ХАРАКТЕР»
13.20 Х/Ф «НАД ТИССОЙ»
15.00 МЕСТО ПРОИСШЕСТВИЯ
15.30 СЕЙЧАС
16.00 ОТКРЫТАЯ СТУДИЯ
18.00 МЕСТО ПРОИСШЕСТВИЯ
18.30, 22.00 СЕЙЧАС
19.00 Т/С «ДЕТЕКТИВЫ»
20.30 Т/С «СЛЕД»
22.25 Х/Ф «ПАЛАЧ»
01.40 Д/Ф «ДА ВИНЧИ И КОД
ЕГО ЖИЗНИ»
02.30 Д/С «ГРОБНИЦА ТЫСЯ-
ЧИ РИМЛЯН»
04.10 ЖИВАЯ ИСТОРИЯ: «ВА-
ЛЕРИЙ ХАРЛАМОВ»
04.55 Д/С «ПРОГУЛКИ С ЧУ-
ДОВИЩАМИ»
05.10 Д/С «1066 ГОД»
ТВЦ
6.00 «НАСТРОЕНИЕ»
8.30 «ВРАЧИ». ТОК-ШОУ
9.15 МУЛЬТФИЛЬМ
9.25 Х/Ф «АНТИКИЛЛЕР - 2»
11.30, 14.30, 17.30 СОБЫТИЯ
11.45 Х/Ф «АНТИКИЛЛЕР - 2».
ПРОДОЛЖЕНИЕ
13.40 «ПРО ЖИЗНЬ»
14.45 «ДЕЛОВАЯ МОСКВА»
15.10 «ПЕТРОВКА, 38»
15.25 Т/С «ТЕМНЫЙ ИН-
СТИНКТ»
16.15 МУЛЬТФИЛЬМ
16.35 «ХРОНИКИ МОСКОВС-
КОГО БЫТА»
17.50 «ПЕТРОВКА, 38»
18.10 «ВИНТАЖ НОТКИН
18.50 Х/Ф «ДОСТАВИТЬ ЛЮ-
БОЙ ЦЕНОЙ», 3 СЕРИЯ
19.50, 23.20 СОБЫТИЯ
20.15 «ВЕТЕР СЕВЕРНЫЙ»
22.15 «СОВЕТСКИЙ КОСМОС:
ЧЕТЫРЕ КОРОЛЯ»
23.55 «СТРАСТИ ПО МАФИЕ»
01.25 Х/Ф «ГОРЯЧИЙ СНЕГ»
03.35 ДОКУМ. ФИЛЬМ
04.50 ДОКУМ. ФИЛЬМ
05.05 «ХРОНИКИ МОСКОВС-
КОГО БЫТА»
перец
6.00 МУЛЬТФИЛЬМЫ
6.30 «ТЫСЯЧА МЕЛОЧЕЙ»
8.30, 14.00 «ОМЕН БЫТО-
ВОЙ ТЕХНИКИ»
9.00, 16.00, 20.00, 23.00 «ДО-
РОЖНЫЕ ВОЙНЫ»
9.30 Х/Ф «ОТВЕТНЫЙ ХОД»
11.00, 15.30, 19.30, 22.30
«УЛЕТНОЕ ВИДЕО»
11.30 «С.У.П.»
12.30 «СМЕШНО ДО БОЛИ»
13.00 «КЕН. ИГРАЮТ ВСЕ»
15.00 «ЧО ПРОИСХОДИТ?»
16.30 «ВНЕ ЗАКОНА»
17.30, 03.05 «С.У.П.»
18.30 «ДЕНЬ»
20.30 «ЕСТЬ ТЕМА»
21.00 «КЕН. ИГРАЮТ ВСЕ»
22.00 «ЧО ПРОИСХОДИТ?»
23.30 «ГОЛЫЕ И СМЕШНЫЕ»
00.00 «СМЕШНО ДО БОЛИ»
00.30 «ЧО ПРОИСХОДИТ?»
01.00 Т/С «ОТРЯД «АНТИТЕРРОР»
01.45 Х/Ф «ОТВЕТНЫЙ ХОД»
03.55 «СЕКРЕТНЫЕ ФАЙЛЫ»
05.20 ДЕПАРТАМЕНТ СОБСТВЕН-
НОЙ БЕЗОПАСНОСТИ
Домашний
6.00 «ЗВЕЗДНЫЕ ИСТОРИИ»
6.30 «ОДНА ЗА ВСЕХ»
7.00 «ПОЛЕЗНЫЙ ВЕЧЕР»
7.30 Т/С «МОЯ ПРЕКРАСНАЯ
НЯНЯ»
8.00 Т/С «ТАТЬЯНИН ДЕНЬ»
9.00 «ПО ДЕЛАМ НЕСОВЕР-
ШЕННОЛЕТНИХ»
10.00 «ДЕЛА СЕМЕЙНЫЕ»
11.00 «БЫВШИЕ»
12.00 «ЗВЕЗДНАЯ ЖИЗНЬ»
12.50 Т/С «ГАДАНИЕ ПРИ СВЕ-
ЧАХ»
16.30 «СЕМЕЙНЫЙ РАЗМЕР»
17.30 «ЖЕНЩИНЫ НЕ ПРО-
ЩАЮТ»
18.00 Т/С «КОМИССАР РЕКС»
19.00 ГЛАВНЫЕ НОВОСТИ
19.35 «ПОЛЕЗНЫЙ ВЕЧЕР»
20.05 Т/С «КТО, ЕСЛИ НЕ Я?»
21.00 «ОДНА ЗА ВСЕХ»
22.00 «ЗВЕЗДНЫЕ ИСТОРИИ»
23.00 «НОВОСТИ-41»
23.30 Х/Ф «ДАМЫ ПРИГЛАША-
ЮТ КАВАЛЕРОВ»
01.30 Т/С «ПРАВИЛЬНАЯ
ЖЕНА»
01.35 Т/С «НИРО ВУЛЬФ И
АРЧИ ГУДВИН»
Звезда
6.00, 13.15 «ЗАЩИЩАЯ НЕБО
РОДИНЫ»
6.55 Т/С «УЧАСТОК»
9.00, 13.00 НОВОСТИ
9.15 Т/С «ВЫГОДНЫЙ КОН-
ТРАКТ»
10.35, 21.05 Т/С «ВНИМАНИЕ,
ГОВОРИТ МОСКВА»
11.30 Х/Ф «БАРМЕН ИЗ «ЗО-
ЛОТОГО ЯКОРЯ»
14.05 ДОКУМ. ФИЛЬМ
14.55, 16.15 Т/С «ЗАКОЛДО-
ВАННЫЙ УЧАСТОК»
16.00 НОВОСТИ
17.25 Д/С «ОПЕРАЦИЯ «БАГ-
РАТИОН»
18.00, 22.00 НОВОСТИ
18.30 Д/С «ЛЕГЕНДЫ СОВЕТ-
СКОГО СЫСКА»
19.40 Т/С «ВЫГОДНЫЙ КОН-
ТРАКТ»
22.30 Т/С «БИГЛЬ»
23.25 Х/Ф «БЕЗ ВИДИМЫХ
ПРИЧИН»
01.00 Х/Ф «НАСМЕШКИ ВЕТРАХ»
03.00 Д/С «ЗВЕЗДА ЛОМОНО-
СОВА»
ОТВ
5.00 НОВОСТИ ТАУ
6.00 «ПАТРУЛЬНЫЙ УЧАСТОК»
6.30 «УТРОВЬ»
9.00, 10.00, 11.00, 12.00, 13.00,
14.00, 15.00, 16.00,
17.00, 18.00, 19.00 СО-
БЫТИЯ. КАЖДЫЙ ЧАС
9.10 «ВСЕ О ЖКХ. ИТОГИ»
9.35 «ПАТРУЛЬНЫЙ УЧАСТОК»
10.20 «СОБЫТИЯ УРФО»
11.10 ДОРОГА БАЗЕРБАЙДЖАН
11.40 «ИМЕЮ ПРАВО»
12.30 «СОБЫТИЯ. АКЦЕНТ»
13.10 «КАБИНЕТ МИНИСТРОВ»
14.05 ДОКУМЕНТАЛЬНЫЙ ДЕ-
ТЕКТИВ «ГАЗИЦИЙ
БУМЕРАНГ»
14.35 «РЕАЛЬНЫЙ БИЗНЕС»
15.05 «ПРЯМАЯ ЛИНИЯ. ЗДО-
РОВЬЕ»
16.05, 22.00 Т/С «ОСТАНОВКА
ПО ТРЕБОВАНИЮ»
17.10 «ВЕСТНИК ЕВРАЗИЙС-
КОЙ МОЛОДЕЖИ»
17.30 «ГУРМЭ»
18.10 «ВСЕ О ЖКХ»
18.30, 03.20 «ПРЯМАЯ ЛИ-
НИЯ. ПРАВО»
19.15 «ИСПОВЕДЬ ПРИГОВО-
РЕННОГО»
19.45, 00.10 РЕАЛЬНЫЙ БИЗНЕС
ТВ3
20.00, 23.00, 01.20, 04.10 «СО-
БЫТИЯ. ИТОГИ»
20.40, 00.20, 03.50 «ПАТРУЛЬ-
НЫЙ УЧАСТОК»
21.00, 02.20 НОВОСТИ ТАУ
00.55 «ПЯТЫЙ УГОЛ»

5.30 МУЛЬТФИЛЬМЫ
8.00 Т/С «БЕЗ СЛЕДА»
9.00 ДОКУМ. ФИЛЬМЫ
11.00, 18.00 Т/С «ДЕЖУРНЫЙ
АНГЕЛ - 2»
12.00 ДОКУМ. ФИЛЬМЫ
13.25 Т/С «КОСТИ»
15.15 Т/С «БЕЗ СЛЕДА»
18.00 ДОКУМ. ФИЛЬМЫ
19.00 Т/С «КОСТИ»
21.00 «ЗАГАДКИ ИСТОРИИ»
22.00 Х/Ф «ДРАКУЛА»
23.45 Т/С «БАШНЯ. НОВЫЕ
ЛЮДИ»
00.45 ВЫЗОВ НА МИЛЛИОН
ДОЛЛАРОВ
01.45 Х/Ф «УБИЙСТВЕННАЯ
ПОЕЗДКА»
03.30 Т/С «ОСТАТЬСЯ В ЖИВЫХ»
06.00 ДОКУМ. ФИЛЬМ
За информацию, предоставленную телеканалами, редакция ответственности не несет. В телепрограмме возможны изменения.
